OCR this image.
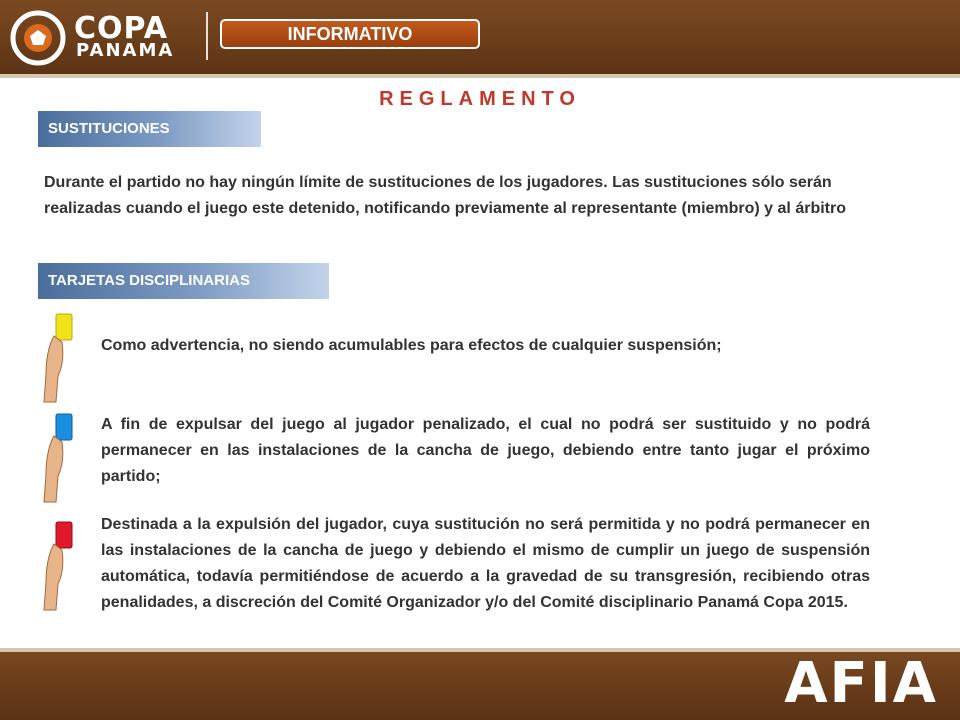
COPA
PANAMA
INFORMATIVO
REGLAMENTO
SUSTITUCIONES
Durante el partido no hay ningún límite de sustituciones de los jugadores. Las sustituciones sólo serán realizadas cuando el juego este detenido, notificando previamente al representante (miembro) y al árbitro
TARJETAS DISCIPLINARIAS
Como advertencia, no siendo acumulables para efectos de cualquier suspensión;
A fin de expulsar del juego al jugador penalizado, el cual no podrá ser sustituido y no podrá permanecer en las instalaciones de la cancha de juego, debiendo entre tanto jugar el próximo partido;
Destinada a la expulsión del jugador, cuya sustitución no será permitida y no podrá permanecer en las instalaciones de la cancha de juego y debiendo el mismo de cumplir un juego de suspensión automática, todavía permitiéndose de acuerdo a la gravedad de su transgresión, recibiendo otras penalidades, a discreción del Comité Organizador y/o del Comité disciplinario Panamá Copa 2015.
AFIA
